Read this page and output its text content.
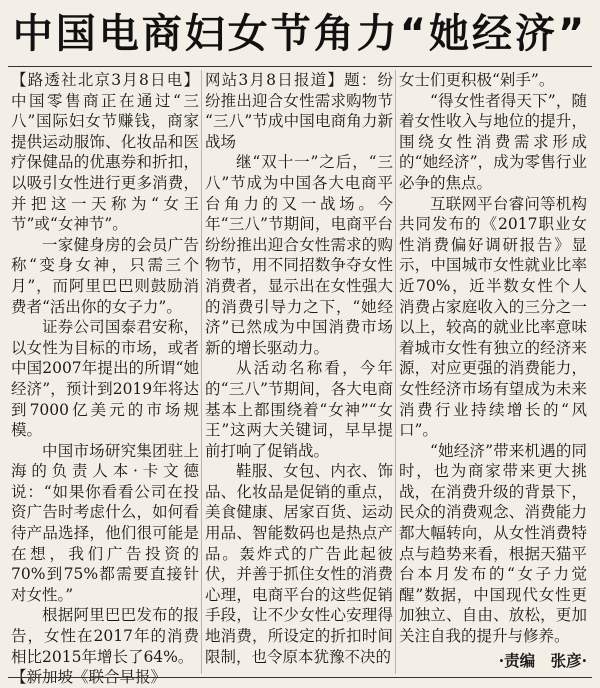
中国电商妇女节角力“她经济”

【路透社北京3月8日电】中国零售商正在通过“三八”国际妇女节赚钱，商家提供运动服饰、化妆品和医疗保健品的优惠券和折扣，以吸引女性进行更多消费，并把这一天称为“女王节”或“女神节”。

一家健身房的会员广告称“变身女神，只需三个月”，而阿里巴巴则鼓励消费者“活出你的女子力”。

证券公司国泰君安称，以女性为目标的市场，或者中国2007年提出的所谓“她经济”，预计到2019年将达到7000亿美元的市场规模。

中国市场研究集团驻上海的负责人本·卡文德说：“如果你看看公司在投资广告时考虑什么，如何看待产品选择，他们很可能是在想，我们广告投资的70%到75%都需要直接针对女性。”

根据阿里巴巴发布的报告，女性在2017年的消费相比2015年增长了64%。

【新加坡《联合早报》

网站3月8日报道】题：纷纷推出迎合女性需求购物节 “三八”节成中国电商角力新战场

继“双十一”之后，“三八”节成为中国各大电商平台角力的又一战场。今年“三八”节期间，电商平台纷纷推出迎合女性需求的购物节，用不同招数争夺女性消费者，显示出在女性强大的消费引导力之下，“她经济”已然成为中国消费市场新的增长驱动力。

从活动名称看，今年的“三八”节期间，各大电商基本上都围绕着“女神”“女王”这两大关键词，早早提前打响了促销战。

鞋服、女包、内衣、饰品、化妆品是促销的重点，美食健康、居家百货、运动用品、智能数码也是热点产品。轰炸式的广告此起彼伏，并善于抓住女性的消费心理，电商平台的这些促销手段，让不少女性心安理得地消费，所设定的折扣时间限制，也令原本犹豫不决的

女士们更积极“剁手”。

“得女性者得天下”，随着女性收入与地位的提升，围绕女性消费需求形成的“她经济”，成为零售行业必争的焦点。

互联网平台睿问等机构共同发布的《2017职业女性消费偏好调研报告》显示，中国城市女性就业比率近70%，近半数女性个人消费占家庭收入的三分之一以上，较高的就业比率意味着城市女性有独立的经济来源，对应更强的消费能力，女性经济市场有望成为未来消费行业持续增长的“风口”。

“她经济”带来机遇的同时，也为商家带来更大挑战，在消费升级的背景下，民众的消费观念、消费能力都大幅转向，从女性消费特点与趋势来看，根据天猫平台本月发布的“女子力觉醒”数据，中国现代女性更加独立、自由、放松，更加关注自我的提升与修养。

·责编　张彦·
